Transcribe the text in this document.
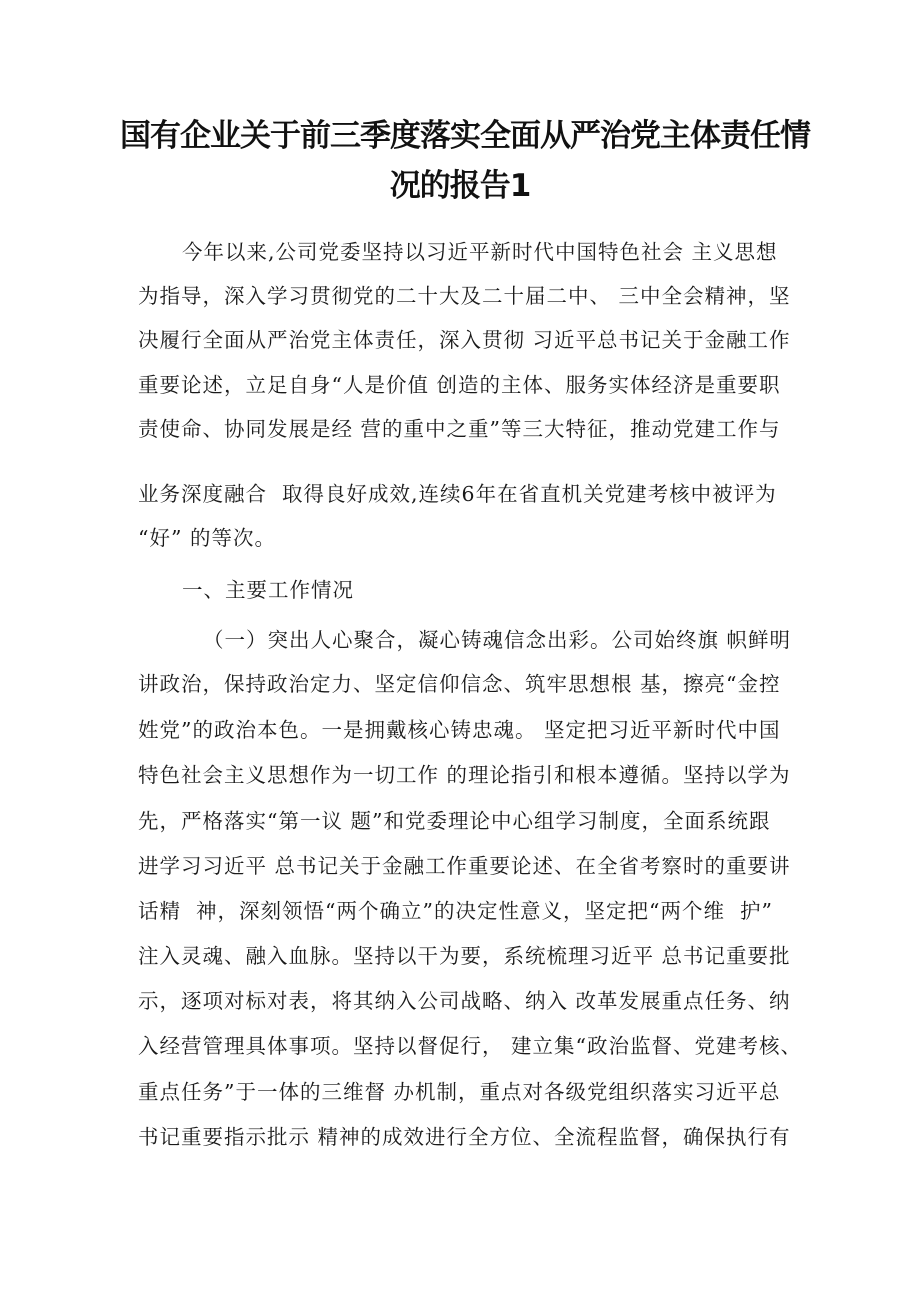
国有企业关于前三季度落实全面从严治党主体责任情
况的报告1
今年以来,公司党委坚持以习近平新时代中国特色社会 主义思想
为指导，深入学习贯彻党的二十大及二十届二中、 三中全会精神，坚
决履行全面从严治党主体责任，深入贯彻 习近平总书记关于金融工作
重要论述，立足自身“人是价值 创造的主体、服务实体经济是重要职
责使命、协同发展是经 营的重中之重”等三大特征，推动党建工作与
业务深度融合  取得良好成效,连续6年在省直机关党建考核中被评为
“好” 的等次。
一、主要工作情况
（一）突出人心聚合，凝心铸魂信念出彩。公司始终旗 帜鲜明
讲政治，保持政治定力、坚定信仰信念、筑牢思想根 基，擦亮“金控
姓党”的政治本色。一是拥戴核心铸忠魂。 坚定把习近平新时代中国
特色社会主义思想作为一切工作 的理论指引和根本遵循。坚持以学为
先，严格落实“第一议 题”和党委理论中心组学习制度，全面系统跟
进学习习近平 总书记关于金融工作重要论述、在全省考察时的重要讲
话精  神，深刻领悟“两个确立”的决定性意义，坚定把“两个维  护”
注入灵魂、融入血脉。坚持以干为要，系统梳理习近平 总书记重要批
示，逐项对标对表，将其纳入公司战略、纳入 改革发展重点任务、纳
入经营管理具体事项。坚持以督促行， 建立集“政治监督、党建考核、
重点任务”于一体的三维督 办机制，重点对各级党组织落实习近平总
书记重要指示批示 精神的成效进行全方位、全流程监督，确保执行有
